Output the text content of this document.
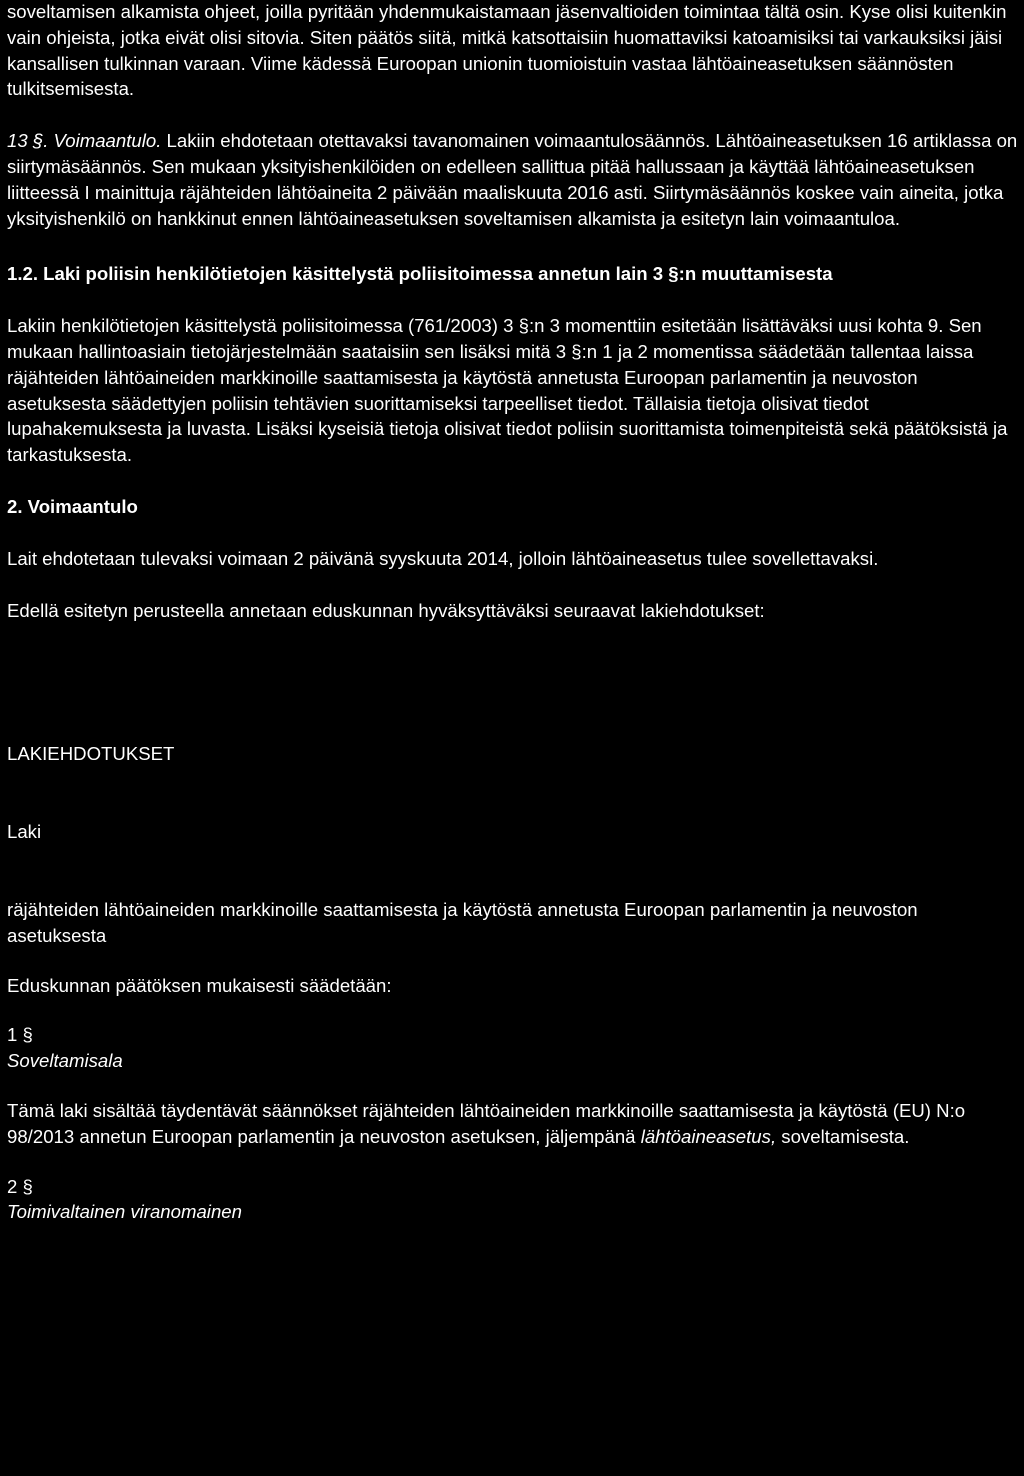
soveltamisen alkamista ohjeet, joilla pyritään yhdenmukaistamaan jäsenvaltioiden toimintaa tältä osin. Kyse olisi kuitenkin vain ohjeista, jotka eivät olisi sitovia. Siten päätös siitä, mitkä katsottaisiin huomattaviksi katoamisiksi tai varkauksiksi jäisi kansallisen tulkinnan varaan. Viime kädessä Euroopan unionin tuomioistuin vastaa lähtöaineasetuksen säännösten tulkitsemisesta.

13 §. Voimaantulo. Lakiin ehdotetaan otettavaksi tavanomainen voimaantulosäännös. Lähtöaineasetuksen 16 artiklassa on siirtymäsäännös. Sen mukaan yksityishenkilöiden on edelleen sallittua pitää hallussaan ja käyttää lähtöaineasetuksen liitteessä I mainittuja räjähteiden lähtöaineita 2 päivään maaliskuuta 2016 asti. Siirtymäsäännös koskee vain aineita, jotka yksityishenkilö on hankkinut ennen lähtöaineasetuksen soveltamisen alkamista ja esitetyn lain voimaantuloa.

1.2. Laki poliisin henkilötietojen käsittelystä poliisitoimessa annetun lain 3 §:n muuttamisesta

Lakiin henkilötietojen käsittelystä poliisitoimessa (761/2003) 3 §:n 3 momenttiin esitetään lisättäväksi uusi kohta 9. Sen mukaan hallintoasiain tietojärjestelmään saataisiin sen lisäksi mitä 3 §:n 1 ja 2 momentissa säädetään tallentaa laissa räjähteiden lähtöaineiden markkinoille saattamisesta ja käytöstä annetusta Euroopan parlamentin ja neuvoston asetuksesta säädettyjen poliisin tehtävien suorittamiseksi tarpeelliset tiedot. Tällaisia tietoja olisivat tiedot lupahakemuksesta ja luvasta. Lisäksi kyseisiä tietoja olisivat tiedot poliisin suorittamista toimenpiteistä sekä päätöksistä ja tarkastuksesta.

2. Voimaantulo

Lait ehdotetaan tulevaksi voimaan 2 päivänä syyskuuta 2014, jolloin lähtöaineasetus tulee sovellettavaksi.

Edellä esitetyn perusteella annetaan eduskunnan hyväksyttäväksi seuraavat lakiehdotukset:

LAKIEHDOTUKSET

Laki

räjähteiden lähtöaineiden markkinoille saattamisesta ja käytöstä annetusta Euroopan parlamentin ja neuvoston asetuksesta

Eduskunnan päätöksen mukaisesti säädetään:

1 §

Soveltamisala

Tämä laki sisältää täydentävät säännökset räjähteiden lähtöaineiden markkinoille saattamisesta ja käytöstä (EU) N:o 98/2013 annetun Euroopan parlamentin ja neuvoston asetuksen, jäljempänä lähtöaineasetus, soveltamisesta.

2 §

Toimivaltainen viranomainen
